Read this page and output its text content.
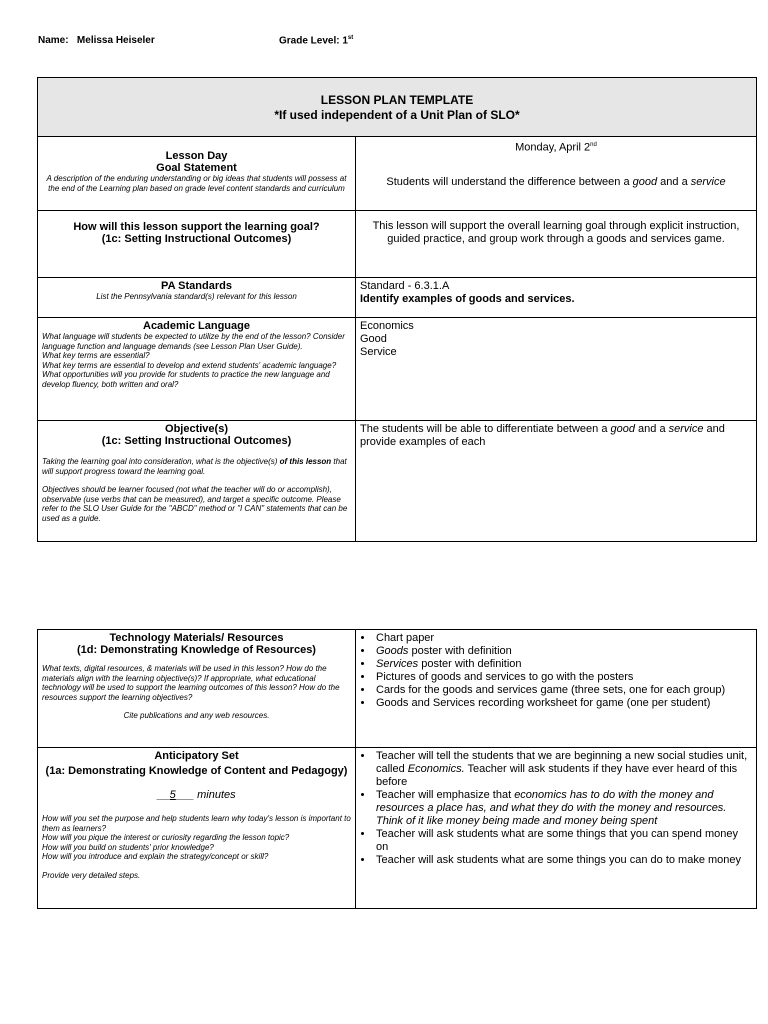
Name: Melissa Heiseler	Grade Level: 1st
LESSON PLAN TEMPLATE
*If used independent of a Unit Plan of SLO*
Lesson Day
Goal Statement
A description of the enduring understanding or big ideas that students will possess at the end of the Learning plan based on grade level content standards and curriculum
Monday, April 2nd
Students will understand the difference between a good and a service
How will this lesson support the learning goal?
(1c: Setting Instructional Outcomes)
This lesson will support the overall learning goal through explicit instruction, guided practice, and group work through a goods and services game.
PA Standards
List the Pennsylvania standard(s) relevant for this lesson
Standard - 6.3.1.A
Identify examples of goods and services.
Academic Language
What language will students be expected to utilize by the end of the lesson? Consider language function and language demands (see Lesson Plan User Guide).
What key terms are essential?
What key terms are essential to develop and extend students' academic language?
What opportunities will you provide for students to practice the new language and develop fluency, both written and oral?
Economics
Good
Service
Objective(s)
(1c: Setting Instructional Outcomes)
Taking the learning goal into consideration, what is the objective(s) of this lesson that will support progress toward the learning goal.
Objectives should be learner focused (not what the teacher will do or accomplish), observable (use verbs that can be measured), and target a specific outcome. Please refer to the SLO User Guide for the "ABCD" method or "I CAN" statements that can be used as a guide.
The students will be able to differentiate between a good and a service and provide examples of each
Technology Materials/ Resources
(1d: Demonstrating Knowledge of Resources)
What texts, digital resources, & materials will be used in this lesson? How do the materials align with the learning objective(s)? If appropriate, what educational technology will be used to support the learning outcomes of this lesson? How do the resources support the learning objectives?
Cite publications and any web resources.
• Chart paper
• Goods poster with definition
• Services poster with definition
• Pictures of goods and services to go with the posters
• Cards for the goods and services game (three sets, one for each group)
• Goods and Services recording worksheet for game (one per student)
Anticipatory Set
(1a: Demonstrating Knowledge of Content and Pedagogy)
__5___ minutes
How will you set the purpose and help students learn why today's lesson is important to them as learners?
How will you pique the interest or curiosity regarding the lesson topic?
How will you build on students' prior knowledge?
How will you introduce and explain the strategy/concept or skill?
Provide very detailed steps.
• Teacher will tell the students that we are beginning a new social studies unit, called Economics. Teacher will ask students if they have ever heard of this before
• Teacher will emphasize that economics has to do with the money and resources a place has, and what they do with the money and resources. Think of it like money being made and money being spent
• Teacher will ask students what are some things that you can spend money on
• Teacher will ask students what are some things you can do to make money
